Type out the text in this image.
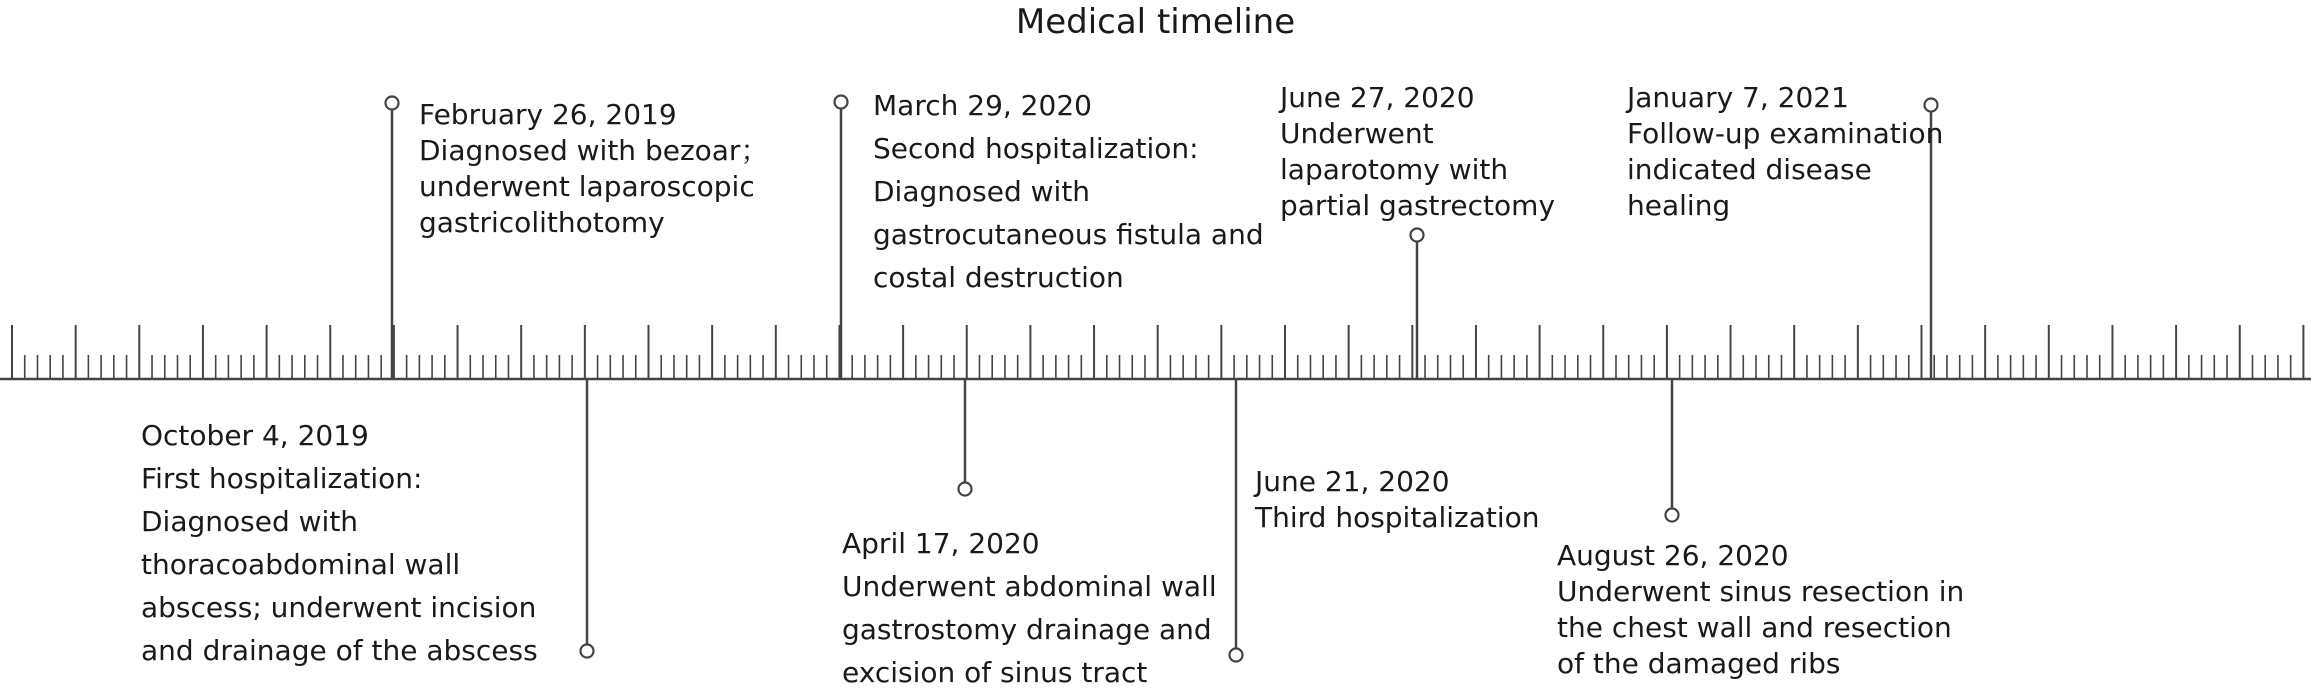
Medical timeline
February 26, 2019
Diagnosed with bezoar；
underwent laparoscopic
gastricolithotomy
October 4, 2019
First hospitalization:
Diagnosed with
thoracoabdominal wall
abscess; underwent incision
and drainage of the abscess
March 29, 2020
Second hospitalization:
Diagnosed with
gastrocutaneous fistula and
costal destruction
April 17, 2020
Underwent abdominal wall
gastrostomy drainage and
excision of sinus tract
June 21, 2020
Third hospitalization
June 27, 2020
Underwent
laparotomy with
partial gastrectomy
August 26, 2020
Underwent sinus resection in
the chest wall and resection
of the damaged ribs
January 7, 2021
Follow-up examination
indicated disease
healing
